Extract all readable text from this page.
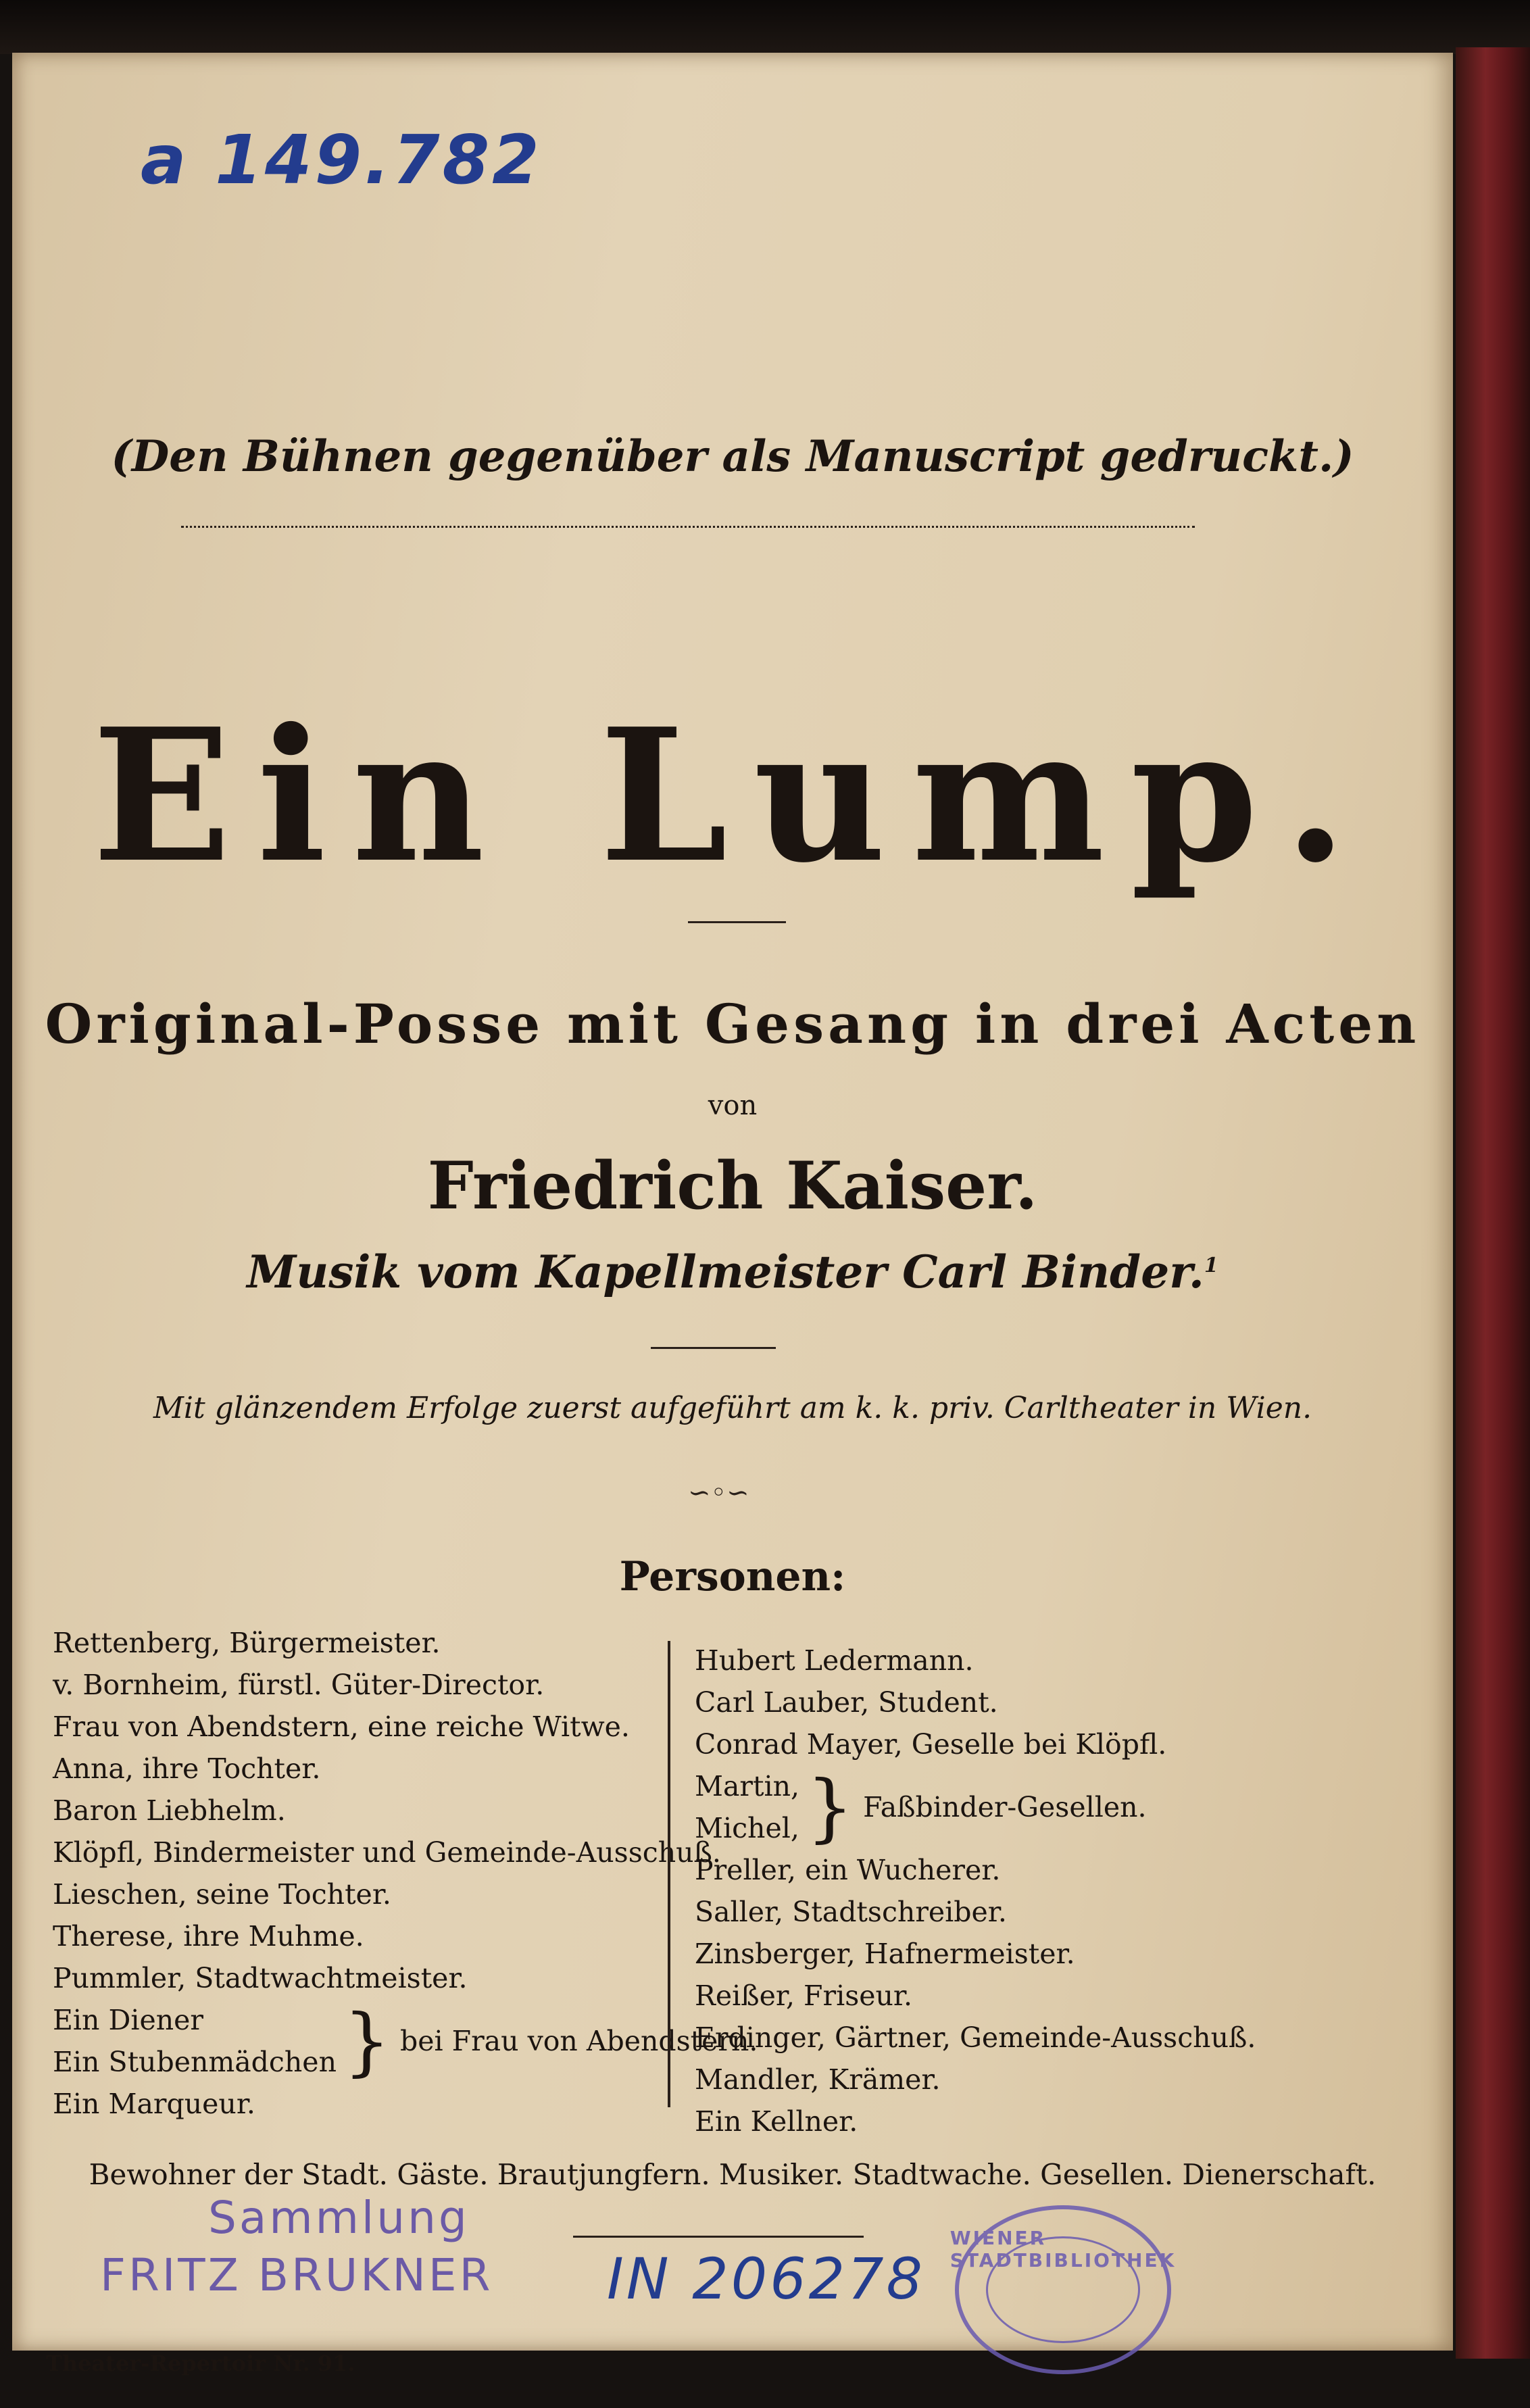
a 149.782
(Den Bühnen gegenüber als Manuscript gedruckt.)
Ein Lump.
Original-Posse mit Gesang in drei Acten
von
Friedrich Kaiser.
Musik vom Kapellmeister Carl Binder.$^1$
Mit glänzendem Erfolge zuerst aufgeführt am k. k. priv. Carltheater in Wien.
∽◦∽
Personen:
Rettenberg, Bürgermeister.
v. Bornheim, fürstl. Güter-Director.
Frau von Abendstern, eine reiche Witwe.
Anna, ihre Tochter.
Baron Liebhelm.
Klöpfl, Bindermeister und Gemeinde-Ausschuß.
Lieschen, seine Tochter.
Therese, ihre Muhme.
Pummler, Stadtwachtmeister.
Ein Diener
Ein Stubenmädchen } bei Frau von Abendstern.
Ein Marqueur.
Hubert Ledermann.
Carl Lauber, Student.
Conrad Mayer, Geselle bei Klöpfl.
Martin,
Michel, } Faßbinder-Gesellen.
Preller, ein Wucherer.
Saller, Stadtschreiber.
Zinsberger, Hafnermeister.
Reißer, Friseur.
Erdinger, Gärtner, Gemeinde-Ausschuß.
Mandler, Krämer.
Ein Kellner.
Bewohner der Stadt. Gäste. Brautjungfern. Musiker. Stadtwache. Gesellen. Dienerschaft.
Sammlung
FRITZ BRUKNER IN 206278
WIENER STADTBIBLIOTHEK
Theater-Repertoir Nr. 91.
